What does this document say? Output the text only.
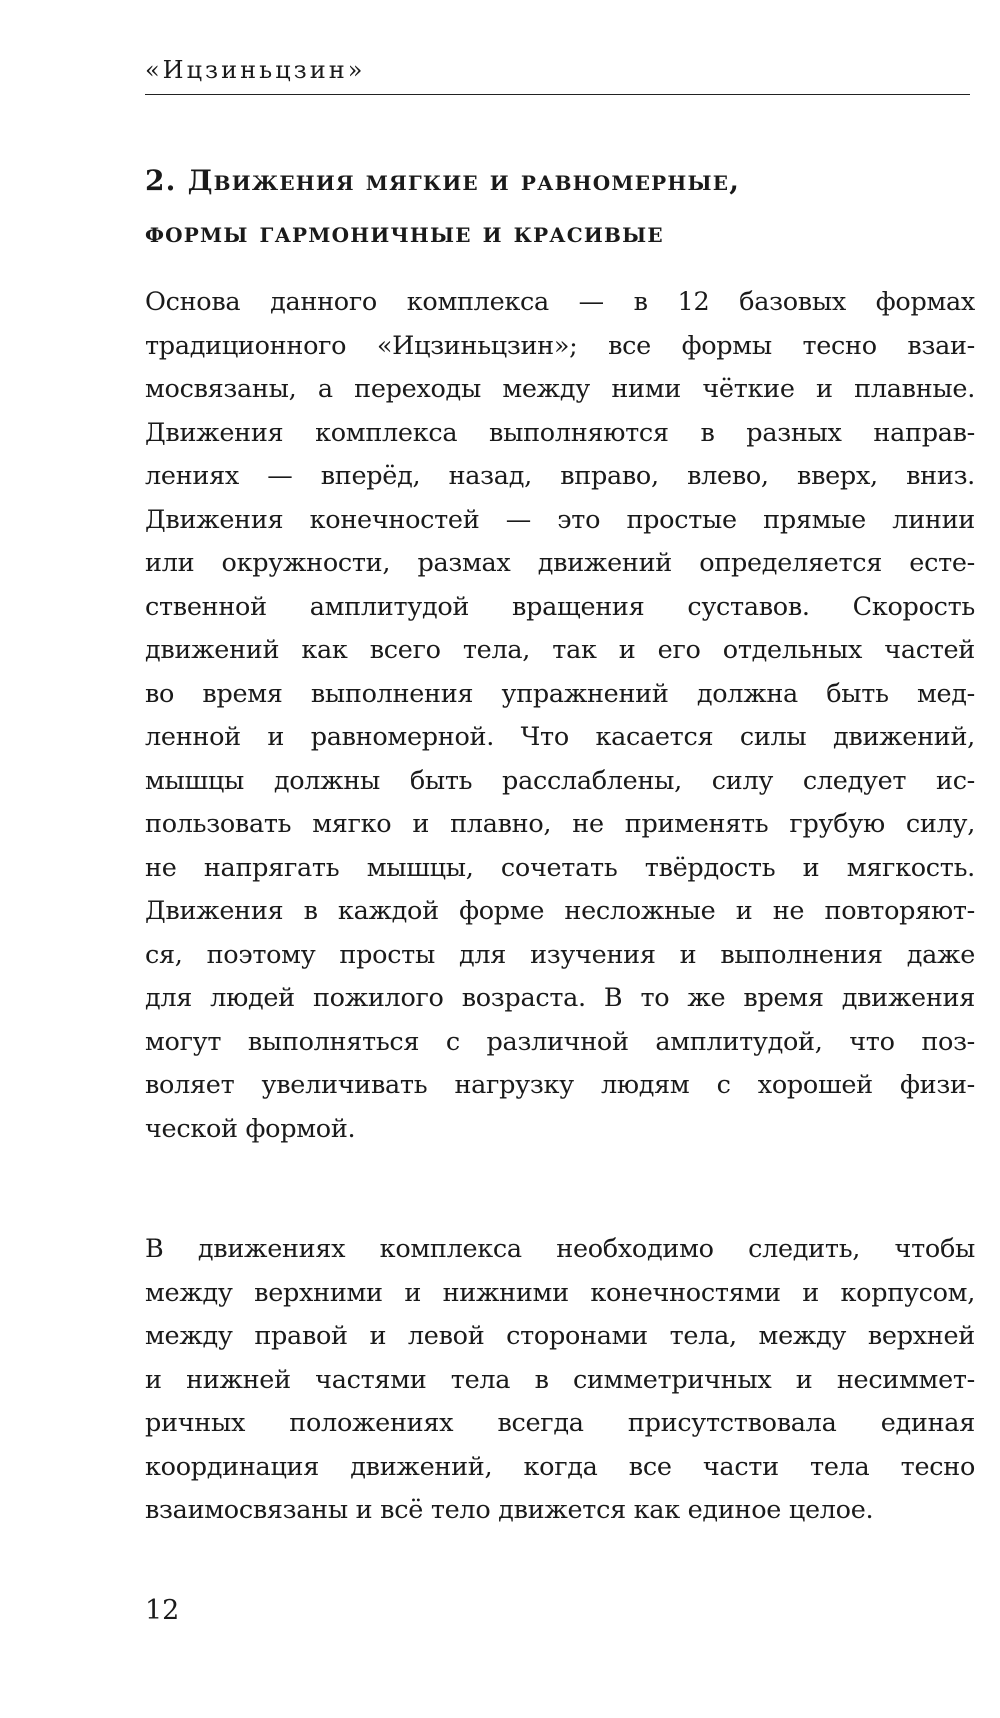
«Ицзиньцзин»
2. Движения мягкие и равномерные,
формы гармоничные и красивые
Основа данного комплекса — в 12 базовых формах
традиционного «Ицзиньцзин»; все формы тесно взаи-
мосвязаны, а переходы между ними чёткие и плавные.
Движения комплекса выполняются в разных направ-
лениях — вперёд, назад, вправо, влево, вверх, вниз.
Движения конечностей — это простые прямые линии
или окружности, размах движений определяется есте-
ственной амплитудой вращения суставов. Скорость
движений как всего тела, так и его отдельных частей
во время выполнения упражнений должна быть мед-
ленной и равномерной. Что касается силы движений,
мышцы должны быть расслаблены, силу следует ис-
пользовать мягко и плавно, не применять грубую силу,
не напрягать мышцы, сочетать твёрдость и мягкость.
Движения в каждой форме несложные и не повторяют-
ся, поэтому просты для изучения и выполнения даже
для людей пожилого возраста. В то же время движения
могут выполняться с различной амплитудой, что поз-
воляет увеличивать нагрузку людям с хорошей физи-
ческой формой.
В движениях комплекса необходимо следить, чтобы
между верхними и нижними конечностями и корпусом,
между правой и левой сторонами тела, между верхней
и нижней частями тела в симметричных и несиммет-
ричных положениях всегда присутствовала единая
координация движений, когда все части тела тесно
взаимосвязаны и всё тело движется как единое целое.
12
